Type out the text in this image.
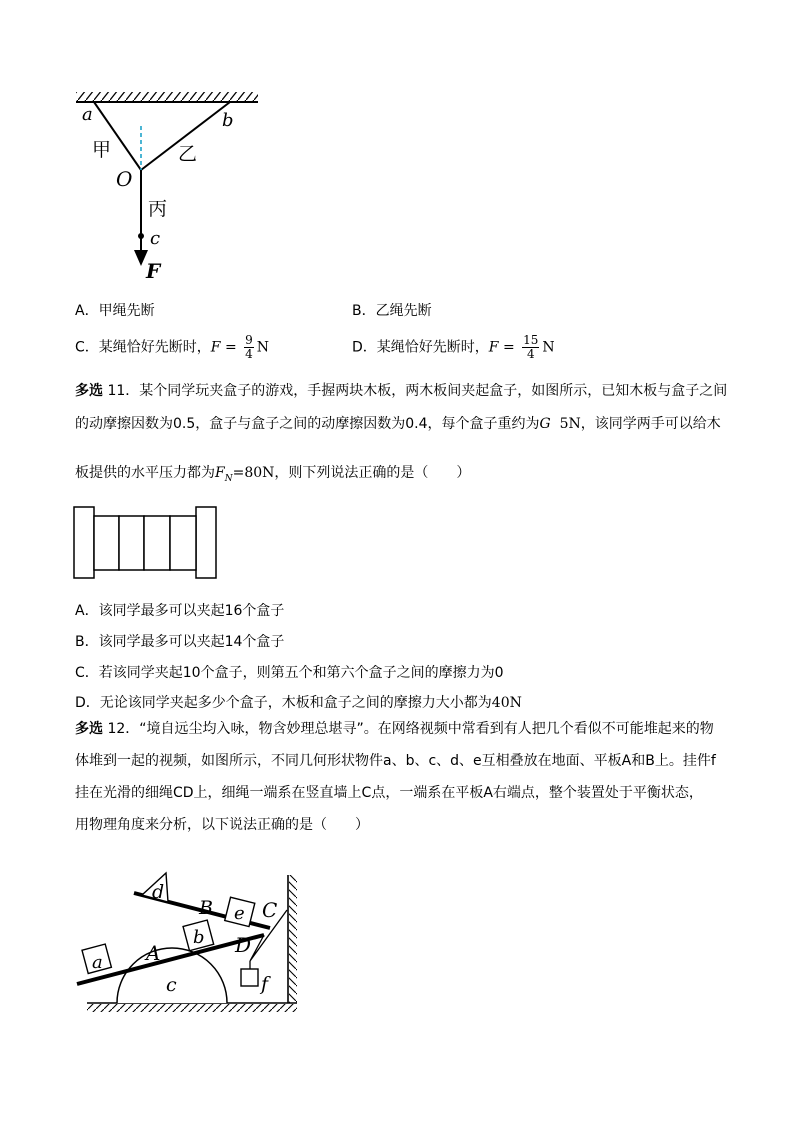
a	b
甲	乙
O
丙
c
F
A．甲绳先断	B．乙绳先断
C．某绳恰好先断时，$F = \frac{9}{4}$ N	D．某绳恰好先断时，$F = \frac{15}{4}$ N
多选 11．某个同学玩夹盒子的游戏，手握两块木板，两木板间夹起盒子，如图所示，已知木板与盒子之间
的动摩擦因数为0.5，盒子与盒子之间的动摩擦因数为0.4，每个盒子重约为G  5N，该同学两手可以给木
板提供的水平压力都为$F_N=80N$，则下列说法正确的是（　　）
A．该同学最多可以夹起16个盒子
B．该同学最多可以夹起14个盒子
C．若该同学夹起10个盒子，则第五个和第六个盒子之间的摩擦力为0
D．无论该同学夹起多少个盒子，木板和盒子之间的摩擦力大小都为40N
多选 12．“境自远尘均入咏，物含妙理总堪寻”。在网络视频中常看到有人把几个看似不可能堆起来的物
体堆到一起的视频，如图所示，不同几何形状物件a、b、c、d、e互相叠放在地面、平板A和B上。挂件f
挂在光滑的细绳CD上，细绳一端系在竖直墙上C点，一端系在平板A右端点，整个装置处于平衡状态，
用物理角度来分析，以下说法正确的是（　　）
d
B e C
b
A	D
a
c	f
